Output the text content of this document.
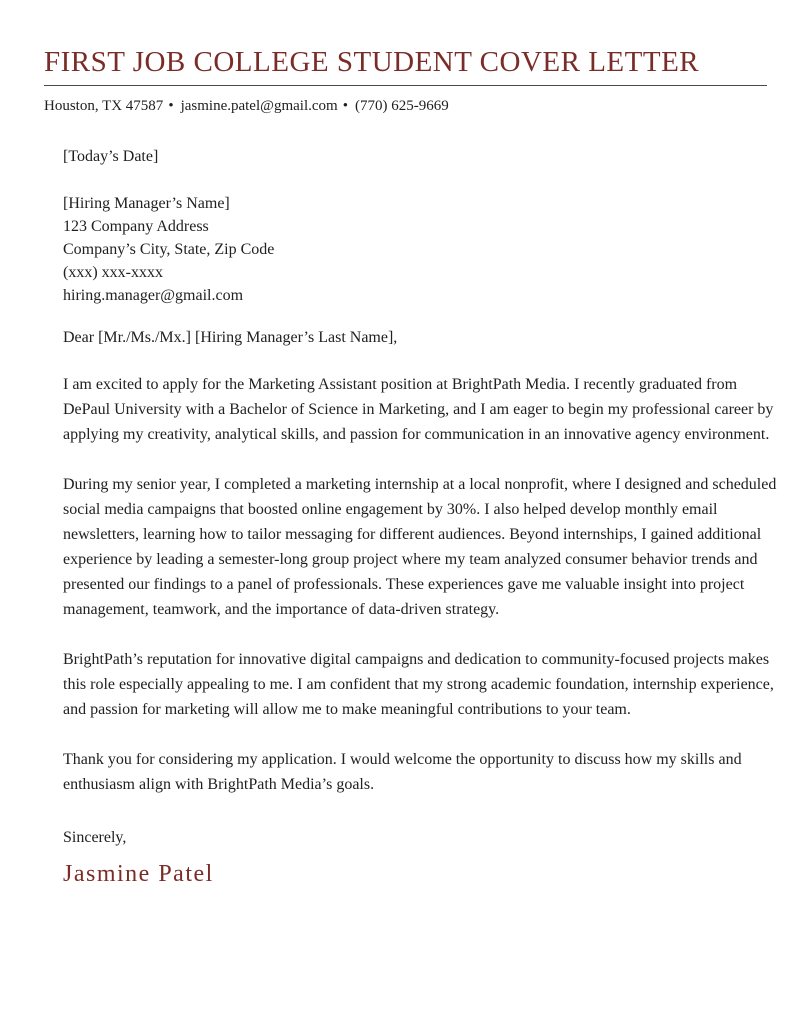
FIRST JOB COLLEGE STUDENT COVER LETTER
Houston, TX 47587 • jasmine.patel@gmail.com • (770) 625-9669
[Today’s Date]
[Hiring Manager’s Name]
123 Company Address
Company’s City, State, Zip Code
(xxx) xxx-xxxx
hiring.manager@gmail.com
Dear [Mr./Ms./Mx.] [Hiring Manager’s Last Name],

I am excited to apply for the Marketing Assistant position at BrightPath Media. I recently graduated from DePaul University with a Bachelor of Science in Marketing, and I am eager to begin my professional career by applying my creativity, analytical skills, and passion for communication in an innovative agency environment.

During my senior year, I completed a marketing internship at a local nonprofit, where I designed and scheduled social media campaigns that boosted online engagement by 30%. I also helped develop monthly email newsletters, learning how to tailor messaging for different audiences. Beyond internships, I gained additional experience by leading a semester-long group project where my team analyzed consumer behavior trends and presented our findings to a panel of professionals. These experiences gave me valuable insight into project management, teamwork, and the importance of data-driven strategy.

BrightPath’s reputation for innovative digital campaigns and dedication to community-focused projects makes this role especially appealing to me. I am confident that my strong academic foundation, internship experience, and passion for marketing will allow me to make meaningful contributions to your team.

Thank you for considering my application. I would welcome the opportunity to discuss how my skills and enthusiasm align with BrightPath Media’s goals.

Sincerely,
Jasmine Patel
